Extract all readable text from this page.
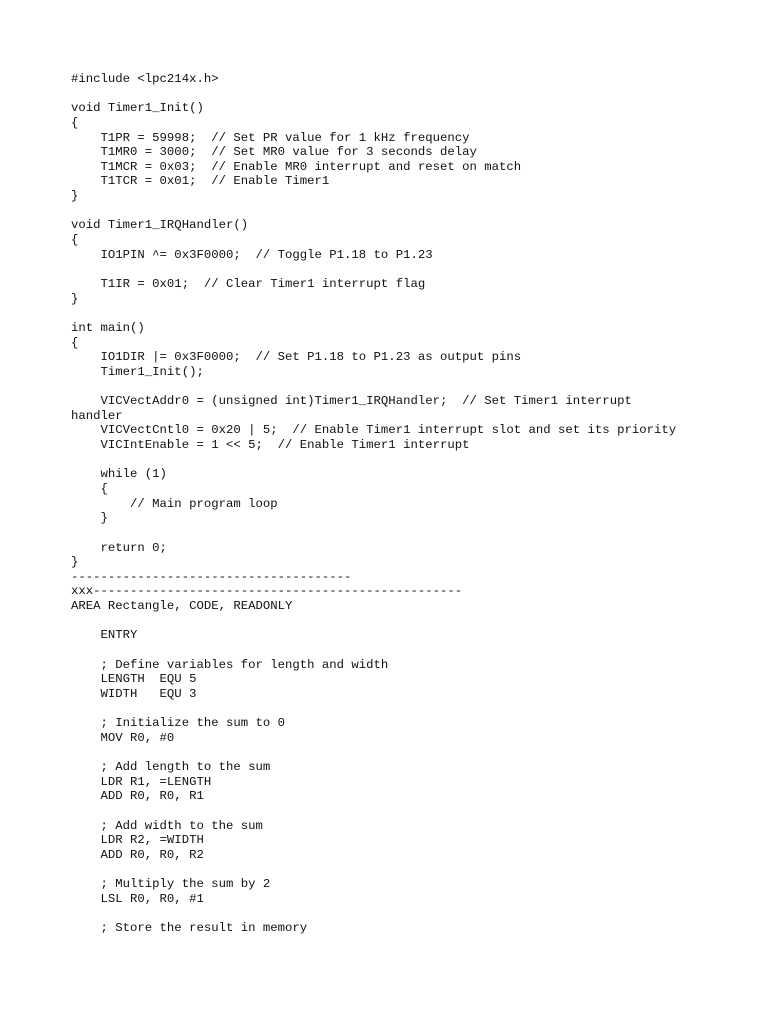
#include <lpc214x.h>
void Timer1_Init()
{
T1PR = 59998;  // Set PR value for 1 kHz frequency
T1MR0 = 3000;  // Set MR0 value for 3 seconds delay
T1MCR = 0x03;  // Enable MR0 interrupt and reset on match
T1TCR = 0x01;  // Enable Timer1
}
void Timer1_IRQHandler()
{
IO1PIN ^= 0x3F0000;  // Toggle P1.18 to P1.23
T1IR = 0x01;  // Clear Timer1 interrupt flag
}
int main()
{
IO1DIR |= 0x3F0000;  // Set P1.18 to P1.23 as output pins
Timer1_Init();
VICVectAddr0 = (unsigned int)Timer1_IRQHandler;  // Set Timer1 interrupt
handler
VICVectCntl0 = 0x20 | 5;  // Enable Timer1 interrupt slot and set its priority
VICIntEnable = 1 << 5;  // Enable Timer1 interrupt
while (1)
{
// Main program loop
}
return 0;
}
--------------------------------------
xxx--------------------------------------------------
AREA Rectangle, CODE, READONLY
ENTRY
; Define variables for length and width
LENGTH  EQU 5
WIDTH   EQU 3
; Initialize the sum to 0
MOV R0, #0
; Add length to the sum
LDR R1, =LENGTH
ADD R0, R0, R1
; Add width to the sum
LDR R2, =WIDTH
ADD R0, R0, R2
; Multiply the sum by 2
LSL R0, R0, #1
; Store the result in memory
